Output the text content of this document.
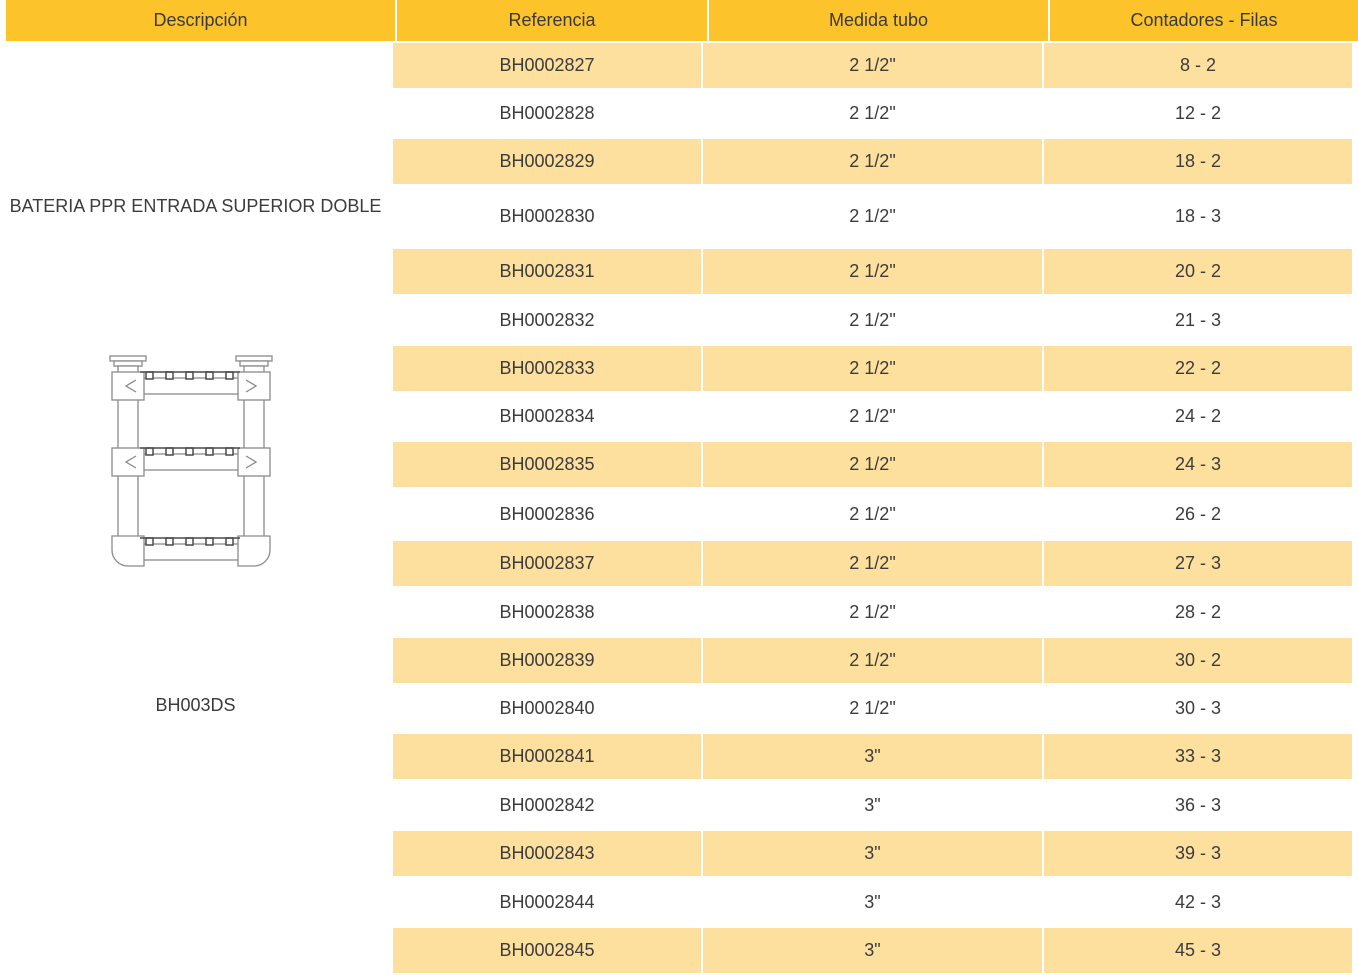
Descripción	Referencia	Medida tubo	Contadores - Filas
BATERIA PPR ENTRADA SUPERIOR DOBLE
BH003DS
BH0002827	2 1/2"	8 - 2
BH0002828	2 1/2"	12 - 2
BH0002829	2 1/2"	18 - 2
BH0002830	2 1/2"	18 - 3
BH0002831	2 1/2"	20 - 2
BH0002832	2 1/2"	21 - 3
BH0002833	2 1/2"	22 - 2
BH0002834	2 1/2"	24 - 2
BH0002835	2 1/2"	24 - 3
BH0002836	2 1/2"	26 - 2
BH0002837	2 1/2"	27 - 3
BH0002838	2 1/2"	28 - 2
BH0002839	2 1/2"	30 - 2
BH0002840	2 1/2"	30 - 3
BH0002841	3"	33 - 3
BH0002842	3"	36 - 3
BH0002843	3"	39 - 3
BH0002844	3"	42 - 3
BH0002845	3"	45 - 3
